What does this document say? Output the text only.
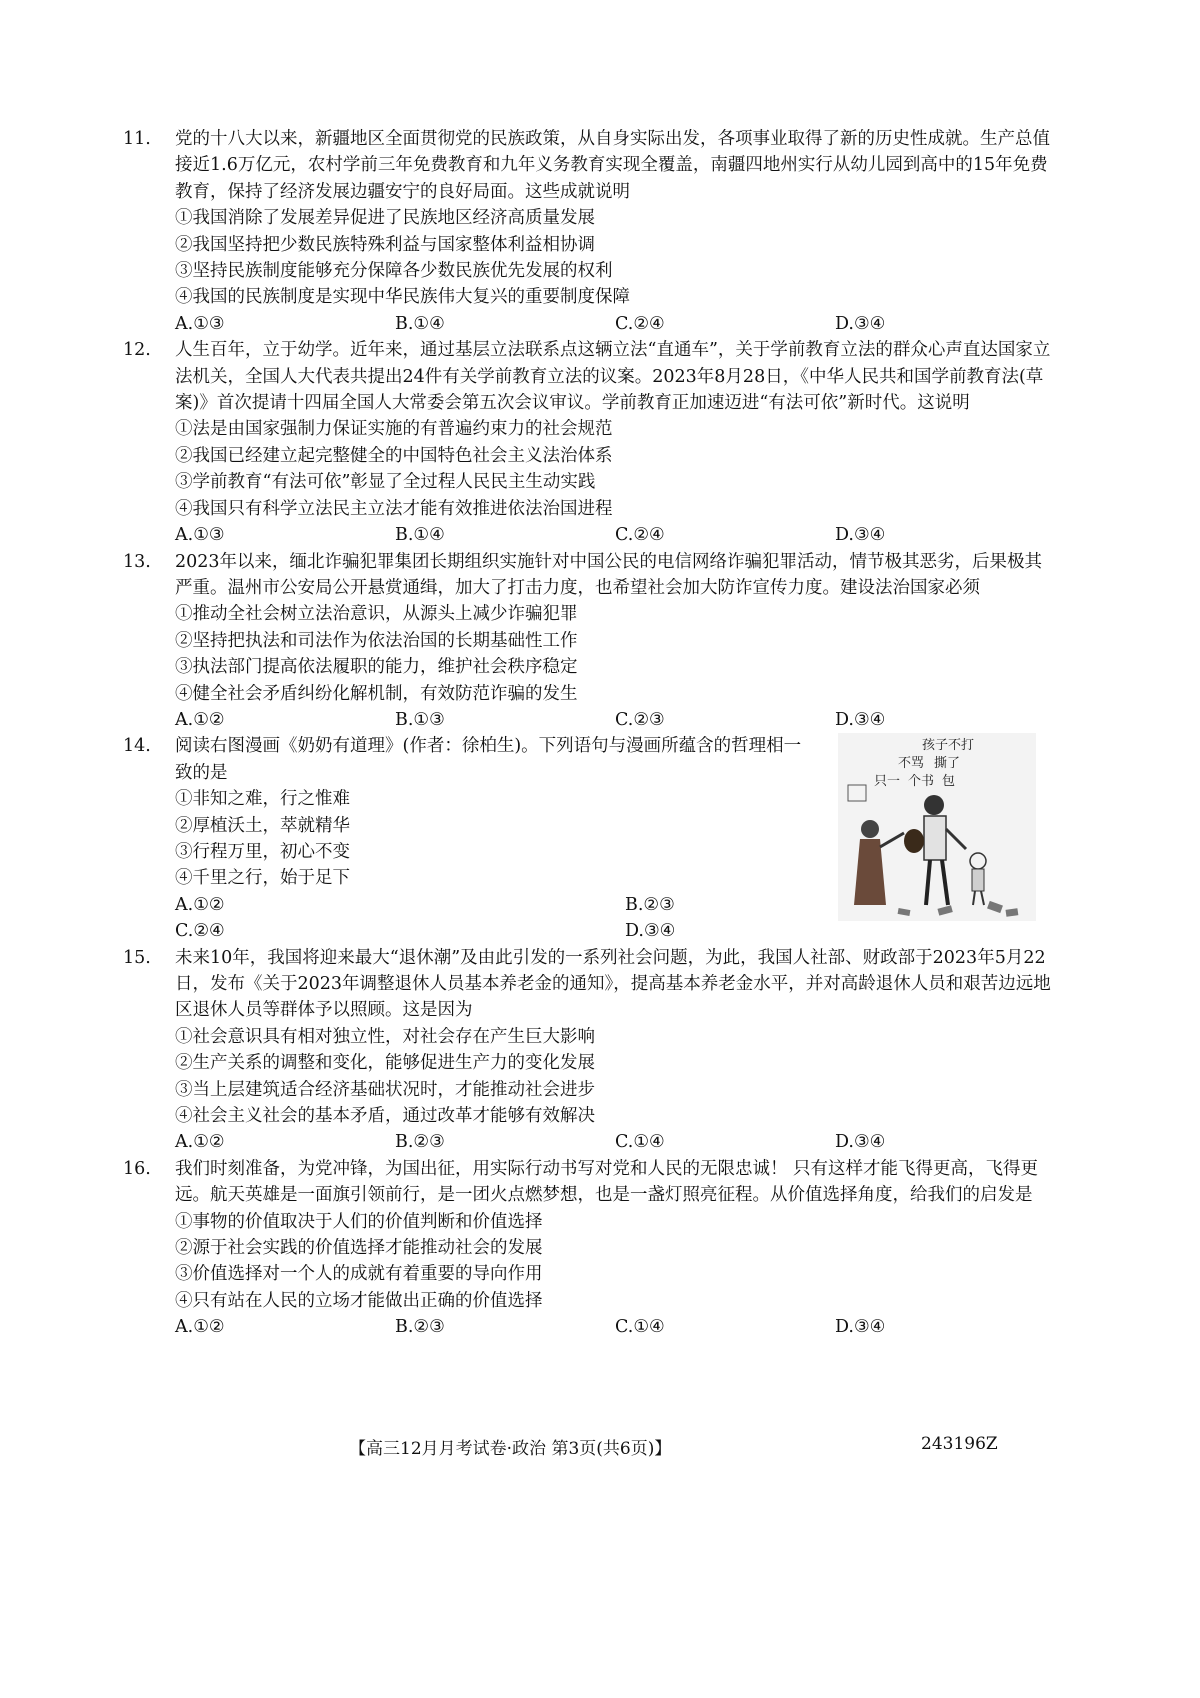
11. 党的十八大以来，新疆地区全面贯彻党的民族政策，从自身实际出发，各项事业取得了新的历史性成就。生产总值接近1.6万亿元，农村学前三年免费教育和九年义务教育实现全覆盖，南疆四地州实行从幼儿园到高中的15年免费教育，保持了经济发展边疆安宁的良好局面。这些成就说明
①我国消除了发展差异促进了民族地区经济高质量发展
②我国坚持把少数民族特殊利益与国家整体利益相协调
③坚持民族制度能够充分保障各少数民族优先发展的权利
④我国的民族制度是实现中华民族伟大复兴的重要制度保障
A.①③	B.①④	C.②④	D.③④
12. 人生百年，立于幼学。近年来，通过基层立法联系点这辆立法“直通车”，关于学前教育立法的群众心声直达国家立法机关，全国人大代表共提出24件有关学前教育立法的议案。2023年8月28日，《中华人民共和国学前教育法(草案)》首次提请十四届全国人大常委会第五次会议审议。学前教育正加速迈进“有法可依”新时代。这说明
①法是由国家强制力保证实施的有普遍约束力的社会规范
②我国已经建立起完整健全的中国特色社会主义法治体系
③学前教育“有法可依”彰显了全过程人民民主生动实践
④我国只有科学立法民主立法才能有效推进依法治国进程
A.①③	B.①④	C.②④	D.③④
13. 2023年以来，缅北诈骗犯罪集团长期组织实施针对中国公民的电信网络诈骗犯罪活动，情节极其恶劣，后果极其严重。温州市公安局公开悬赏通缉，加大了打击力度，也希望社会加大防诈宣传力度。建设法治国家必须
①推动全社会树立法治意识，从源头上减少诈骗犯罪
②坚持把执法和司法作为依法治国的长期基础性工作
③执法部门提高依法履职的能力，维护社会秩序稳定
④健全社会矛盾纠纷化解机制，有效防范诈骗的发生
A.①②	B.①③	C.②③	D.③④
14. 阅读右图漫画《奶奶有道理》(作者：徐柏生)。下列语句与漫画所蕴含的哲理相一致的是
①非知之难，行之惟难
②厚植沃土，萃就精华
③行程万里，初心不变
④千里之行，始于足下
A.①②	B.②③
C.②④	D.③④
孩子不打
不骂 撕了
只一 个书 包
15. 未来10年，我国将迎来最大“退休潮”及由此引发的一系列社会问题，为此，我国人社部、财政部于2023年5月22日，发布《关于2023年调整退休人员基本养老金的通知》，提高基本养老金水平，并对高龄退休人员和艰苦边远地区退休人员等群体予以照顾。这是因为
①社会意识具有相对独立性，对社会存在产生巨大影响
②生产关系的调整和变化，能够促进生产力的变化发展
③当上层建筑适合经济基础状况时，才能推动社会进步
④社会主义社会的基本矛盾，通过改革才能够有效解决
A.①②	B.②③	C.①④	D.③④
16. 我们时刻准备，为党冲锋，为国出征，用实际行动书写对党和人民的无限忠诚！ 只有这样才能飞得更高，飞得更远。航天英雄是一面旗引领前行，是一团火点燃梦想，也是一盏灯照亮征程。从价值选择角度，给我们的启发是
①事物的价值取决于人们的价值判断和价值选择
②源于社会实践的价值选择才能推动社会的发展
③价值选择对一个人的成就有着重要的导向作用
④只有站在人民的立场才能做出正确的价值选择
A.①②	B.②③	C.①④	D.③④
【高三12月月考试卷·政治 第3页(共6页)】	243196Z
